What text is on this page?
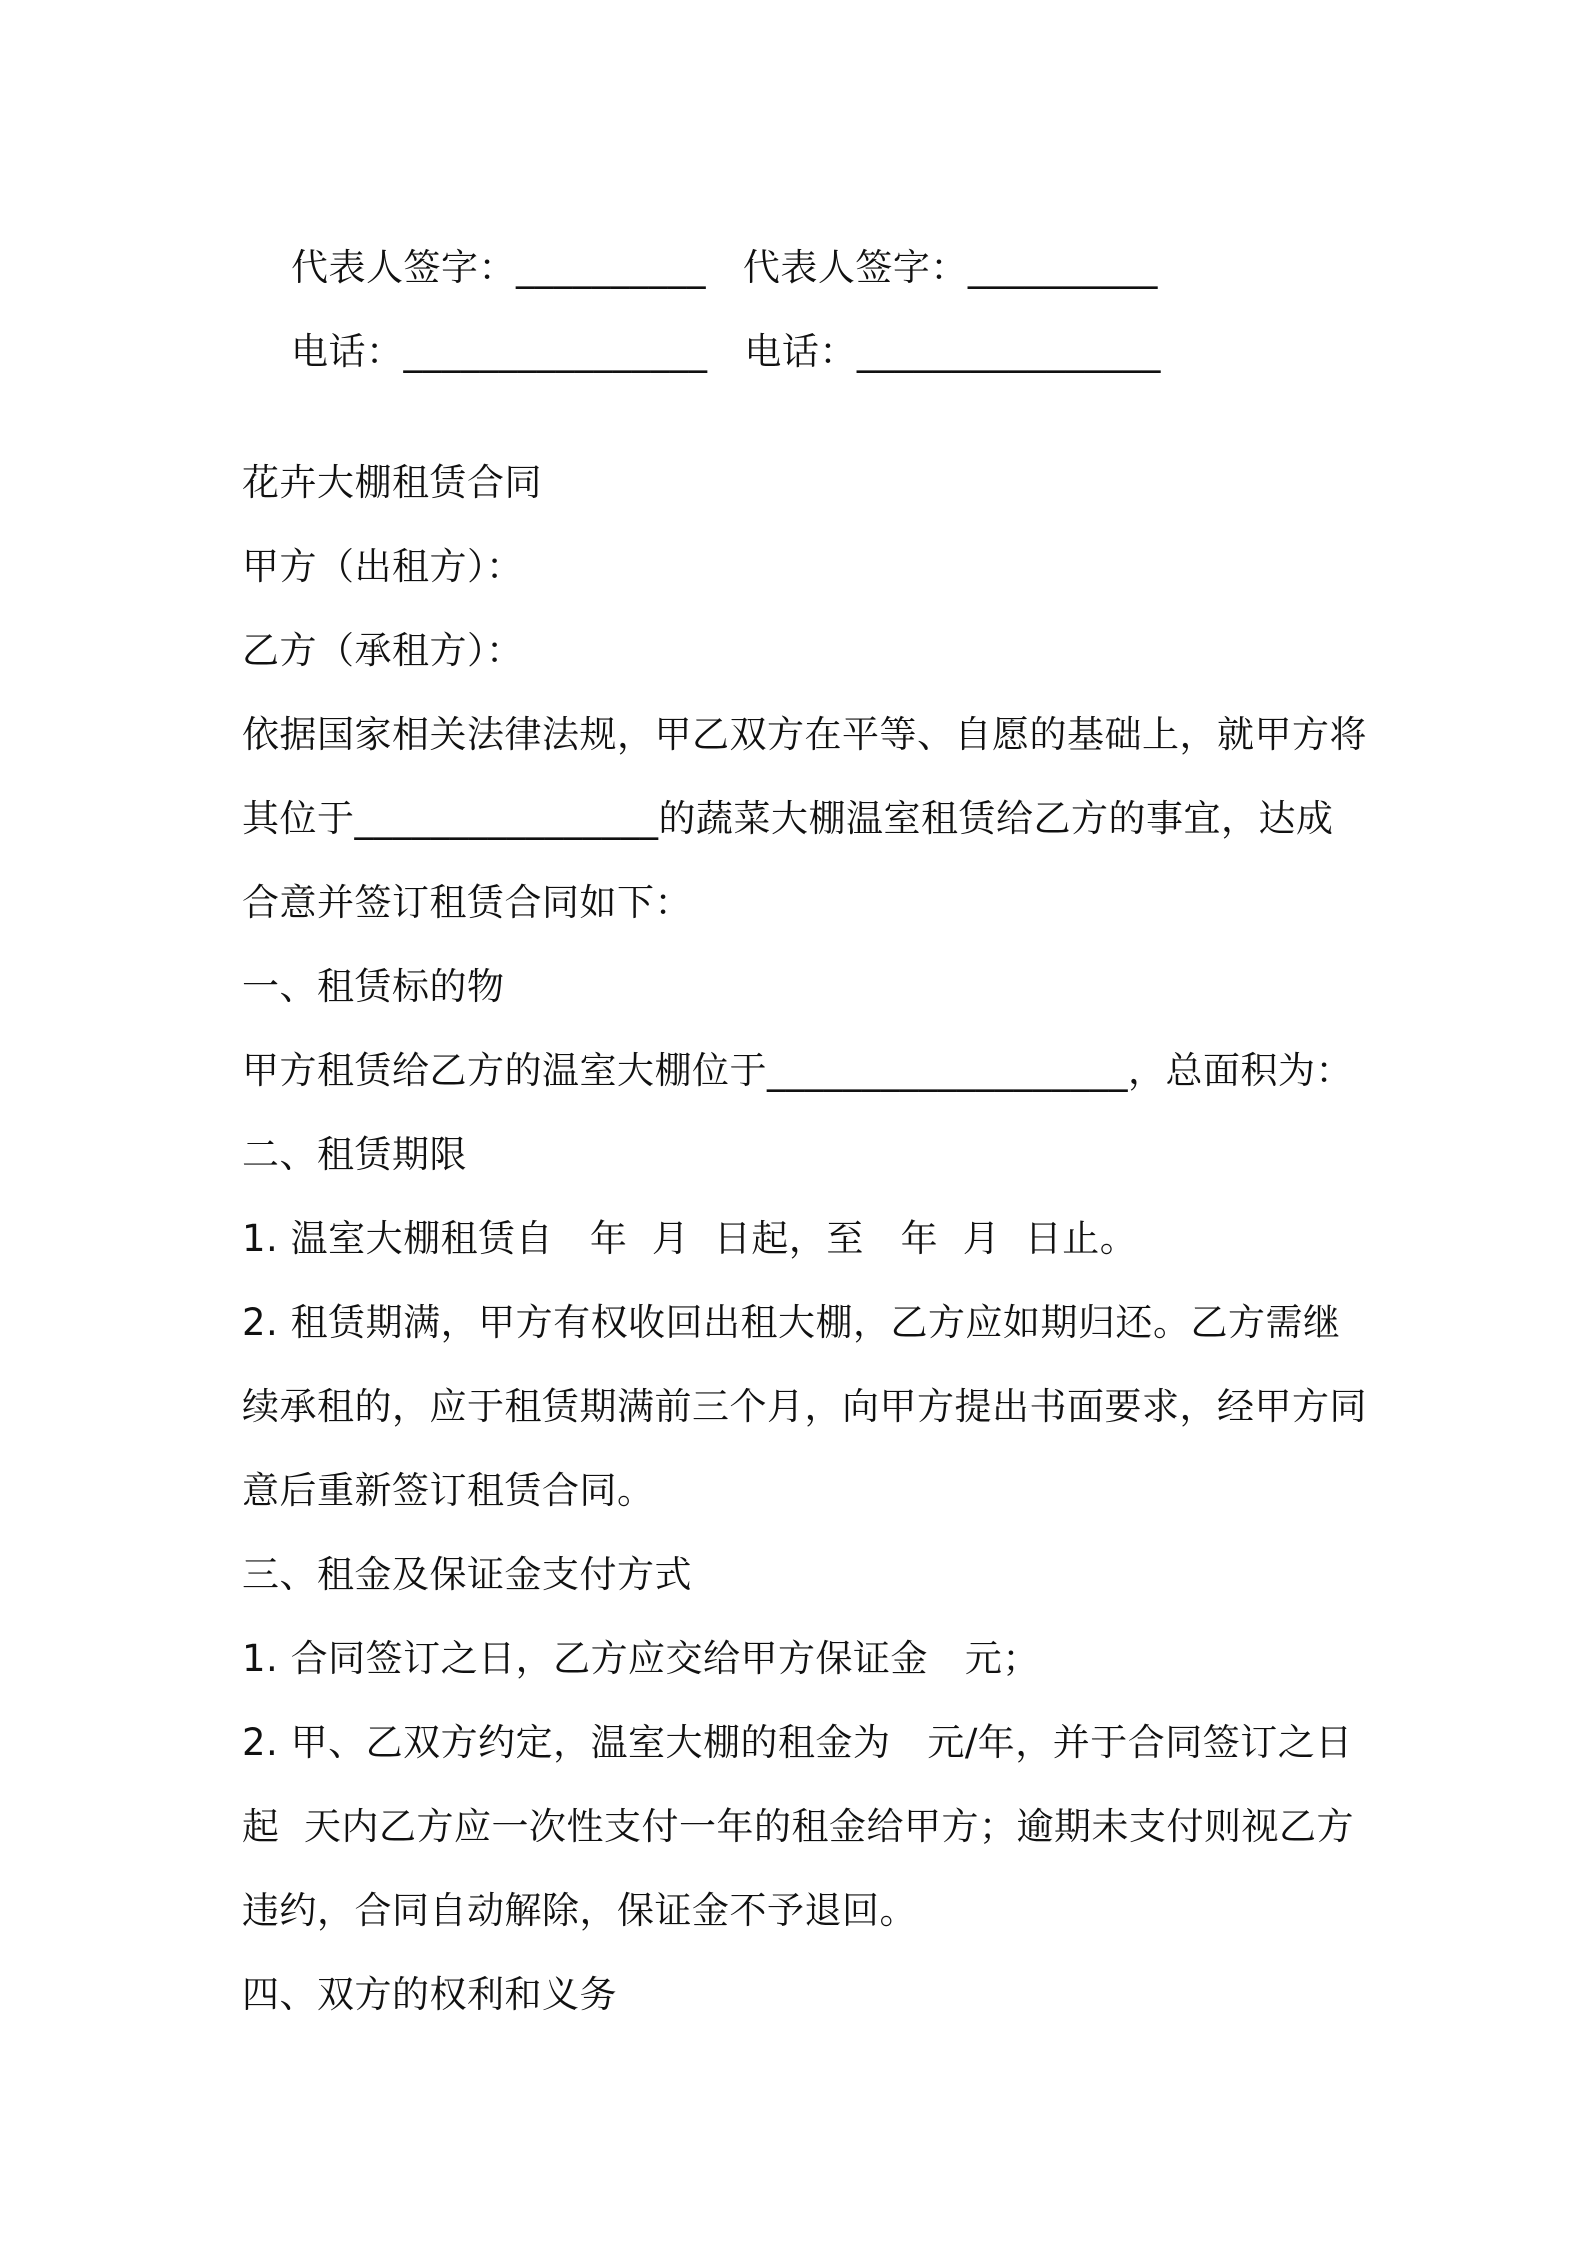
代表人签字：__________ 代表人签字：__________

电话：________________ 电话：________________

花卉大棚租赁合同
甲方（出租方）：
乙方（承租方）：
依据国家相关法律法规，甲乙双方在平等、自愿的基础上，就甲方将
其位于________________的蔬菜大棚温室租赁给乙方的事宜，达成
合意并签订租赁合同如下：
一、租赁标的物
甲方租赁给乙方的温室大棚位于___________________，总面积为：
二、租赁期限
1. 温室大棚租赁自   年  月  日起，至   年  月  日止。
2. 租赁期满，甲方有权收回出租大棚，乙方应如期归还。乙方需继
续承租的，应于租赁期满前三个月，向甲方提出书面要求，经甲方同
意后重新签订租赁合同。
三、租金及保证金支付方式
1. 合同签订之日，乙方应交给甲方保证金   元；
2. 甲、乙双方约定，温室大棚的租金为   元/年，并于合同签订之日
起  天内乙方应一次性支付一年的租金给甲方；逾期未支付则视乙方
违约，合同自动解除，保证金不予退回。
四、双方的权利和义务
